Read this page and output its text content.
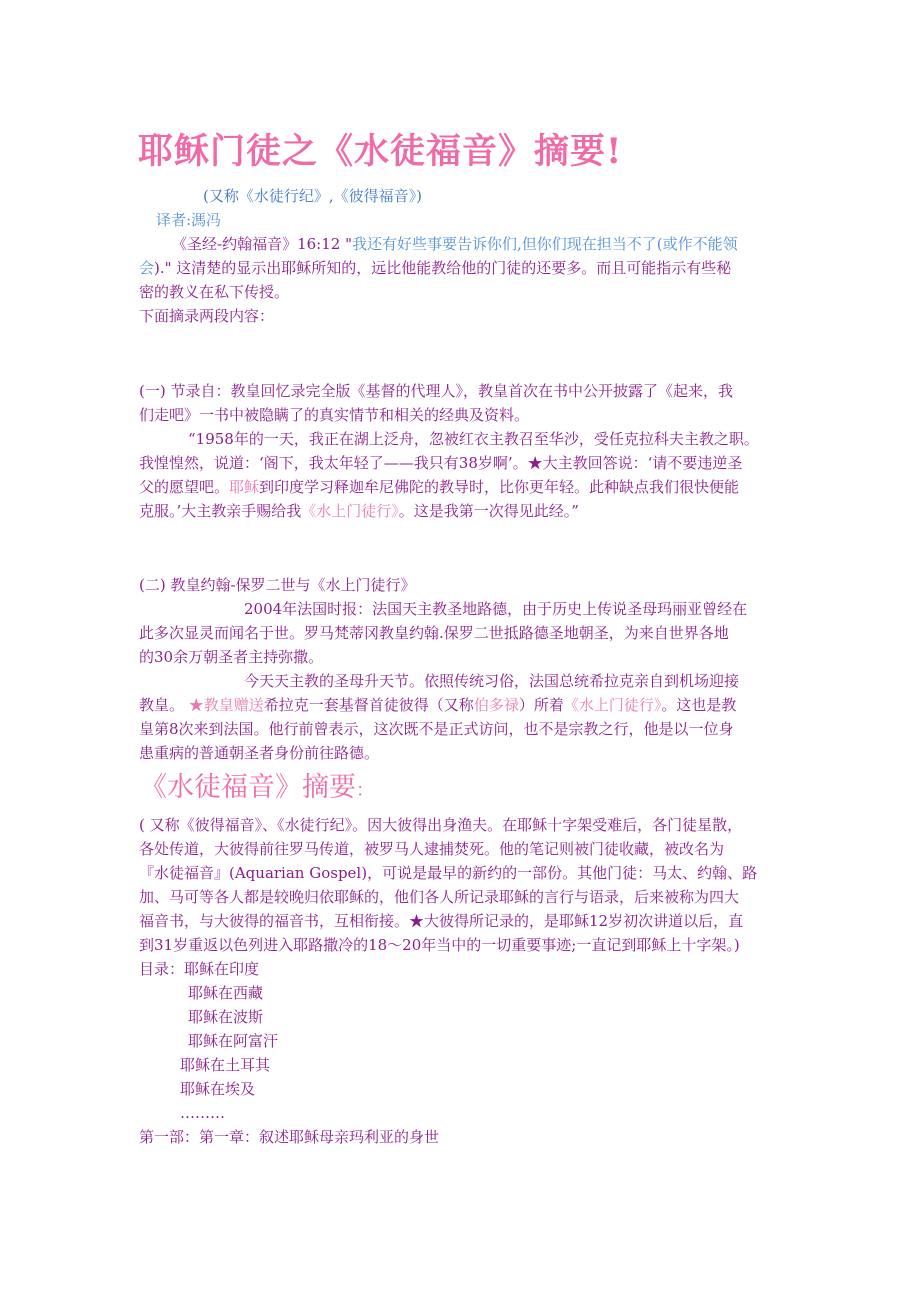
耶稣门徒之《水徒福音》摘要!
(又称《水徒行纪》,《彼得福音》)
译者:溤冯
《圣经-约翰福音》16:12 "我还有好些事要告诉你们,但你们现在担当不了(或作不能领
会)." 这清楚的显示出耶稣所知的，远比他能教给他的门徒的还要多。而且可能指示有些秘
密的教义在私下传授。
下面摘录两段内容：
(一) 节录自：教皇回忆录完全版《基督的代理人》，教皇首次在书中公开披露了《起来，我
们走吧》一书中被隐瞒了的真实情节和相关的经典及资料。
“1958年的一天，我正在湖上泛舟，忽被红衣主教召至华沙，受任克拉科夫主教之职。
我惶惶然，说道：‘阁下，我太年轻了——我只有38岁啊’。★大主教回答说：‘请不要违逆圣
父的愿望吧。耶稣到印度学习释迦牟尼佛陀的教导时，比你更年轻。此种缺点我们很快便能
克服。’大主教亲手赐给我《水上门徒行》。这是我第一次得见此经。”
(二) 教皇约翰-保罗二世与《水上门徒行》
2004年法国时报：法国天主教圣地路德，由于历史上传说圣母玛丽亚曾经在
此多次显灵而闻名于世。罗马梵蒂冈教皇约翰.保罗二世抵路德圣地朝圣，为来自世界各地
的30余万朝圣者主持弥撒。
今天天主教的圣母升天节。依照传统习俗，法国总统希拉克亲自到机场迎接
教皇。 ★教皇赠送希拉克一套基督首徒彼得（又称伯多禄）所着《水上门徒行》。这也是教
皇第8次来到法国。他行前曾表示，这次既不是正式访问，也不是宗教之行，他是以一位身
患重病的普通朝圣者身份前往路德。
《水徒福音》摘要：
( 又称《彼得福音》、《水徒行纪》。因大彼得出身渔夫。在耶稣十字架受难后，各门徒星散，
各处传道，大彼得前往罗马传道，被罗马人逮捕焚死。他的笔记则被门徒收藏，被改名为
『水徒福音』(Aquarian Gospel)，可说是最早的新约的一部份。其他门徒：马太、约翰、路
加、马可等各人都是较晚归依耶稣的，他们各人所记录耶稣的言行与语录，后来被称为四大
福音书，与大彼得的福音书，互相衔接。★大彼得所记录的，是耶稣12岁初次讲道以后，直
到31岁重返以色列进入耶路撒冷的18～20年当中的一切重要事迹;一直记到耶稣上十字架。)
目录：耶稣在印度
耶稣在西藏
耶稣在波斯
耶稣在阿富汗
耶稣在土耳其
耶稣在埃及
………
第一部：第一章：叙述耶稣母亲玛利亚的身世
